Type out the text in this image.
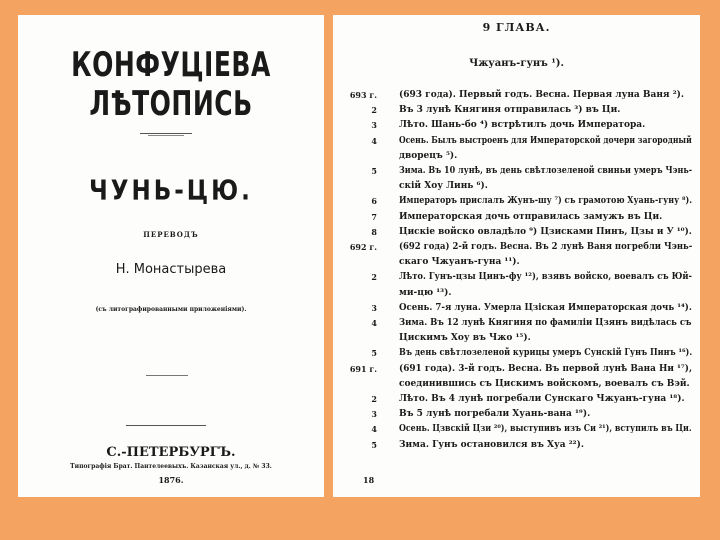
КОНФУЦІЕВА ЛѢТОПИСЬ
ЧУНЬ-ЦЮ.
ПЕРЕВОДЪ
Н. Монастырева
(съ литографированными приложеніями).
С.-ПЕТЕРБУРГЪ.
Типографія Брат. Пантелеевыхъ. Казанская ул., д. № 33.
1876.
9 ГЛАВА.
Чжуанъ-гунъ ¹).
693 г. (693 года). Первый годъ. Весна. Первая луна Ваня ²).
2 Въ 3 лунѣ Княгиня отправилась ³) въ Ци.
3 Лѣто. Шань-бо ⁴) встрѣтилъ дочь Императора.
4 Осень. Былъ выстроенъ для Императорской дочери загородный
дворецъ ⁵).
5 Зима. Въ 10 лунѣ, въ день свѣтлозеленой свиньи умеръ Чэнь-
скій Хоу Линь ⁶).
6 Императоръ прислалъ Жунъ-шу ⁷) съ грамотою Хуань-гуну ⁸).
7 Императорская дочь отправилась замужъ въ Ци.
8 Цискіе войско овладѣло ⁹) Цзисками Пинъ, Цзы и У ¹⁰).
692 г. (692 года) 2-й годъ. Весна. Въ 2 лунѣ Ваня погребли Чэнь-
скаго Чжуанъ-гуна ¹¹).
2 Лѣто. Гунъ-цзы Цинъ-фу ¹²), взявъ войско, воевалъ съ Юй-
ми-цю ¹³).
3 Осень. 7-я луна. Умерла Цзіская Императорская дочь ¹⁴).
4 Зима. Въ 12 лунѣ Княгиня по фамиліи Цзянъ видѣлась съ
Цискимъ Хоу въ Чжо ¹⁵).
5 Въ день свѣтлозеленой курицы умеръ Сунскій Гунъ Пинъ ¹⁶).
691 г. (691 года). 3-й годъ. Весна. Въ первой лунѣ Вана Ни ¹⁷),
соединившись съ Цискимъ войскомъ, воевалъ съ Вэй.
2 Лѣто. Въ 4 лунѣ погребали Сунскаго Чжуанъ-гуна ¹⁸).
3 Въ 5 лунѣ погребали Хуань-вана ¹⁹).
4 Осень. Цзвскій Цзи ²⁰), выступивъ изъ Си ²¹), вступилъ въ Ци.
5 Зима. Гунъ остановился въ Хуа ²²).
18
